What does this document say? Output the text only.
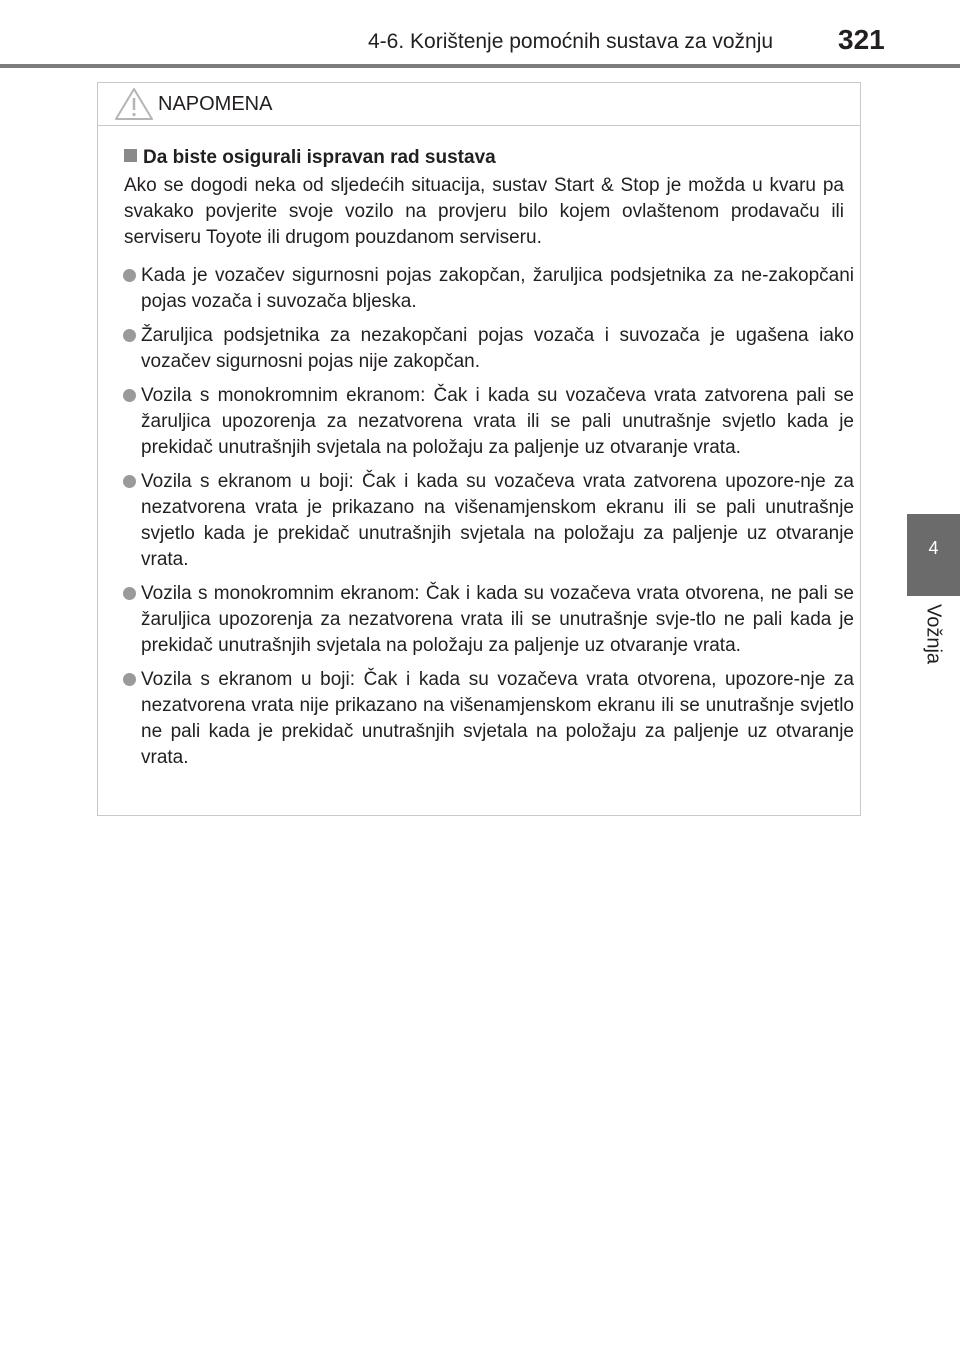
4-6. Korištenje pomoćnih sustava za vožnju 321
4
Vožnja
NAPOMENA
Da biste osigurali ispravan rad sustava
Ako se dogodi neka od sljedećih situacija, sustav Start & Stop je možda u kvaru pa svakako povjerite svoje vozilo na provjeru bilo kojem ovlaštenom prodavaču ili serviseru Toyote ili drugom pouzdanom serviseru.
Kada je vozačev sigurnosni pojas zakopčan, žaruljica podsjetnika za ne-zakopčani pojas vozača i suvozača bljeska.
Žaruljica podsjetnika za nezakopčani pojas vozača i suvozača je ugašena iako vozačev sigurnosni pojas nije zakopčan.
Vozila s monokromnim ekranom: Čak i kada su vozačeva vrata zatvorena pali se žaruljica upozorenja za nezatvorena vrata ili se pali unutrašnje svjetlo kada je prekidač unutrašnjih svjetala na položaju za paljenje uz otvaranje vrata.
Vozila s ekranom u boji: Čak i kada su vozačeva vrata zatvorena upozore-nje za nezatvorena vrata je prikazano na višenamjenskom ekranu ili se pali unutrašnje svjetlo kada je prekidač unutrašnjih svjetala na položaju za paljenje uz otvaranje vrata.
Vozila s monokromnim ekranom: Čak i kada su vozačeva vrata otvorena, ne pali se žaruljica upozorenja za nezatvorena vrata ili se unutrašnje svje-tlo ne pali kada je prekidač unutrašnjih svjetala na položaju za paljenje uz otvaranje vrata.
Vozila s ekranom u boji: Čak i kada su vozačeva vrata otvorena, upozore-nje za nezatvorena vrata nije prikazano na višenamjenskom ekranu ili se unutrašnje svjetlo ne pali kada je prekidač unutrašnjih svjetala na položaju za paljenje uz otvaranje vrata.
